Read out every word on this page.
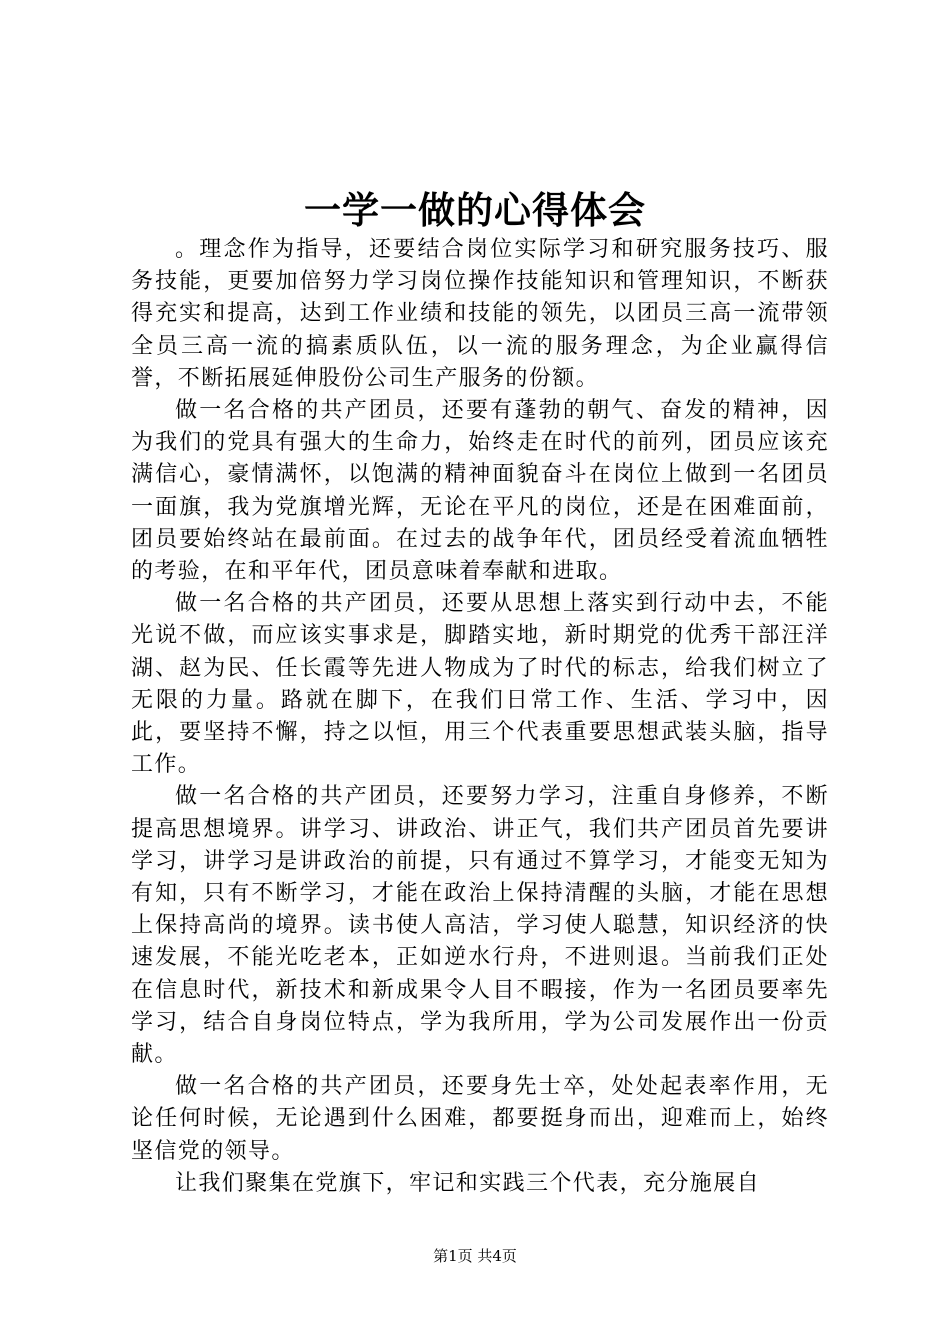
一学一做的心得体会

。理念作为指导，还要结合岗位实际学习和研究服务技巧、服务技能，更要加倍努力学习岗位操作技能知识和管理知识，不断获得充实和提高，达到工作业绩和技能的领先，以团员三高一流带领全员三高一流的搞素质队伍，以一流的服务理念，为企业赢得信誉，不断拓展延伸股份公司生产服务的份额。

做一名合格的共产团员，还要有蓬勃的朝气、奋发的精神，因为我们的党具有强大的生命力，始终走在时代的前列，团员应该充满信心，豪情满怀，以饱满的精神面貌奋斗在岗位上做到一名团员一面旗，我为党旗增光辉，无论在平凡的岗位，还是在困难面前，团员要始终站在最前面。在过去的战争年代，团员经受着流血牺牲的考验，在和平年代，团员意味着奉献和进取。

做一名合格的共产团员，还要从思想上落实到行动中去，不能光说不做，而应该实事求是，脚踏实地，新时期党的优秀干部汪洋湖、赵为民、任长霞等先进人物成为了时代的标志，给我们树立了无限的力量。路就在脚下，在我们日常工作、生活、学习中，因此，要坚持不懈，持之以恒，用三个代表重要思想武装头脑，指导工作。

做一名合格的共产团员，还要努力学习，注重自身修养，不断提高思想境界。讲学习、讲政治、讲正气，我们共产团员首先要讲学习，讲学习是讲政治的前提，只有通过不算学习，才能变无知为有知，只有不断学习，才能在政治上保持清醒的头脑，才能在思想上保持高尚的境界。读书使人高洁，学习使人聪慧，知识经济的快速发展，不能光吃老本，正如逆水行舟，不进则退。当前我们正处在信息时代，新技术和新成果令人目不暇接，作为一名团员要率先学习，结合自身岗位特点，学为我所用，学为公司发展作出一份贡献。

做一名合格的共产团员，还要身先士卒，处处起表率作用，无论任何时候，无论遇到什么困难，都要挺身而出，迎难而上，始终坚信党的领导。

让我们聚集在党旗下，牢记和实践三个代表，充分施展自

第1页 共4页
